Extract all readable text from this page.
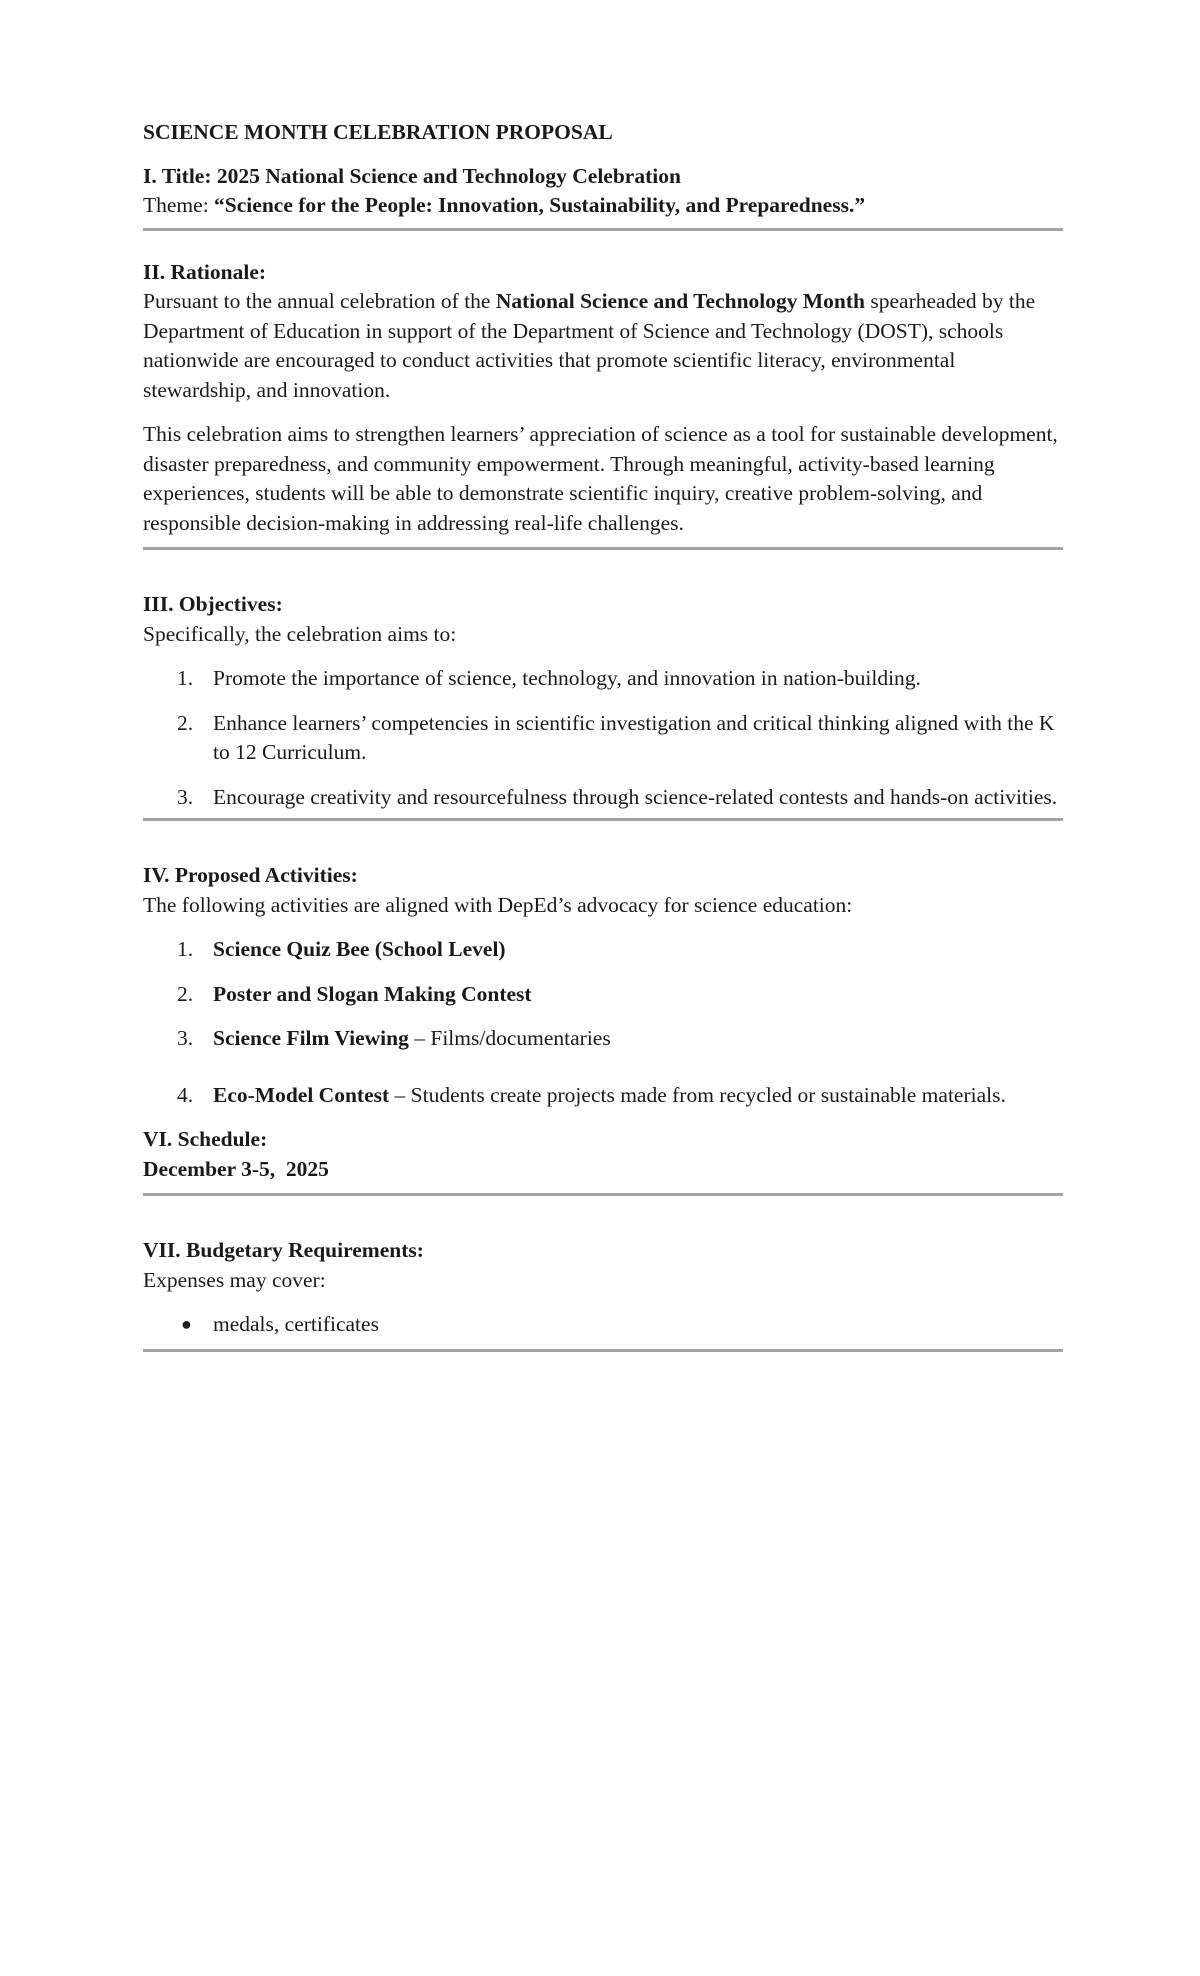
SCIENCE MONTH CELEBRATION PROPOSAL

I. Title: 2025 National Science and Technology Celebration

Theme: “Science for the People: Innovation, Sustainability, and Preparedness.”

II. Rationale:

Pursuant to the annual celebration of the National Science and Technology Month spearheaded by the Department of Education in support of the Department of Science and Technology (DOST), schools nationwide are encouraged to conduct activities that promote scientific literacy, environmental stewardship, and innovation.

This celebration aims to strengthen learners’ appreciation of science as a tool for sustainable development, disaster preparedness, and community empowerment. Through meaningful, activity-based learning experiences, students will be able to demonstrate scientific inquiry, creative problem-solving, and responsible decision-making in addressing real-life challenges.

III. Objectives:

Specifically, the celebration aims to:

1. Promote the importance of science, technology, and innovation in nation-building.
2. Enhance learners’ competencies in scientific investigation and critical thinking aligned with the K to 12 Curriculum.
3. Encourage creativity and resourcefulness through science-related contests and hands-on activities.

IV. Proposed Activities:

The following activities are aligned with DepEd’s advocacy for science education:

1. Science Quiz Bee (School Level)
2. Poster and Slogan Making Contest
3. Science Film Viewing – Films/documentaries
4. Eco-Model Contest – Students create projects made from recycled or sustainable materials.

VI. Schedule:

December 3-5,  2025

VII. Budgetary Requirements:

Expenses may cover:

● medals, certificates
